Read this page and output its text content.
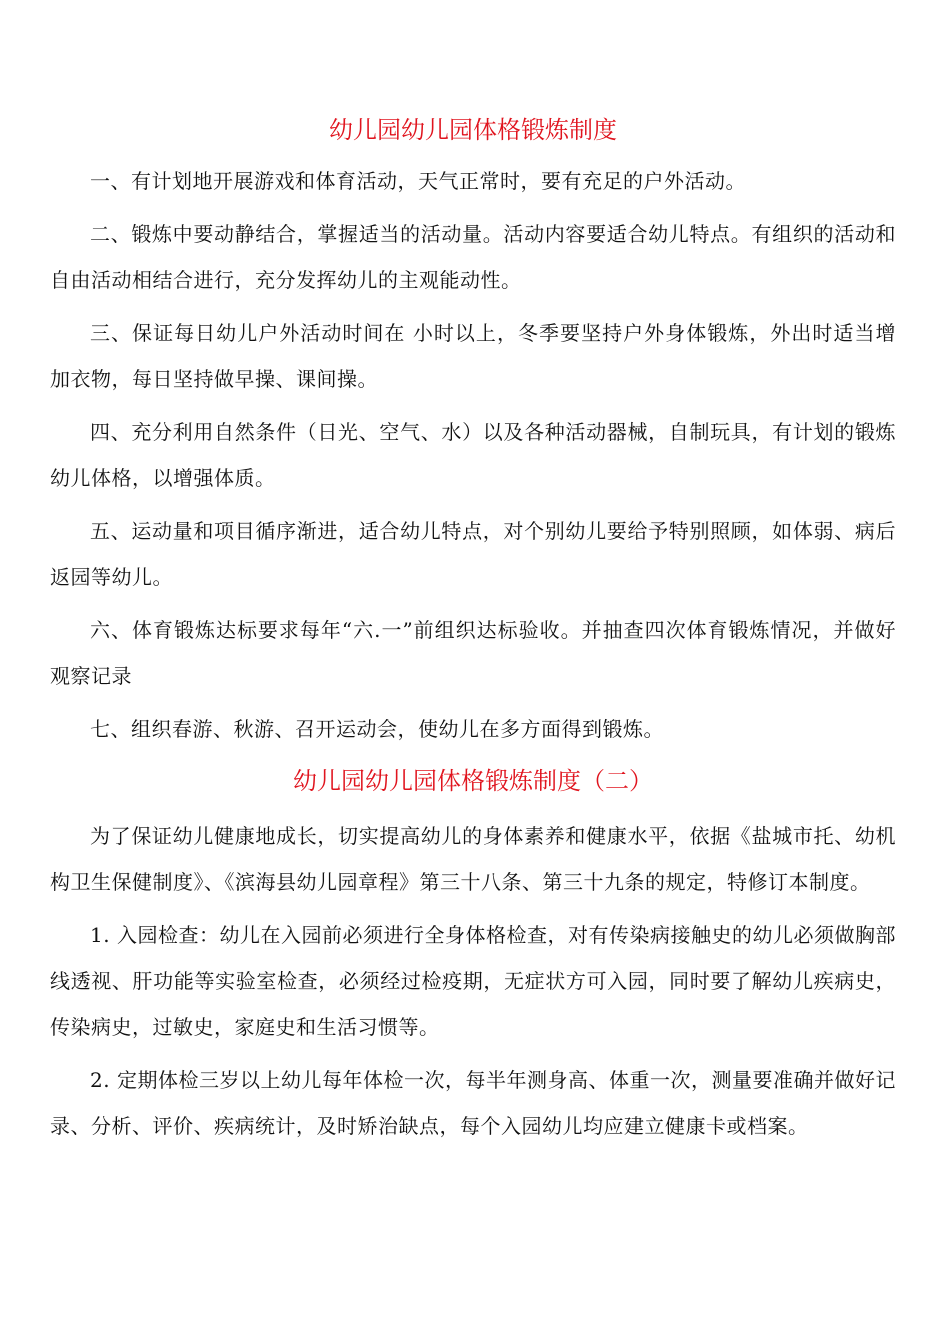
幼儿园幼儿园体格锻炼制度

一、有计划地开展游戏和体育活动，天气正常时，要有充足的户外活动。

二、锻炼中要动静结合，掌握适当的活动量。活动内容要适合幼儿特点。有组织的活动和自由活动相结合进行，充分发挥幼儿的主观能动性。

三、保证每日幼儿户外活动时间在 小时以上，冬季要坚持户外身体锻炼，外出时适当增加衣物，每日坚持做早操、课间操。

四、充分利用自然条件（日光、空气、水）以及各种活动器械，自制玩具，有计划的锻炼幼儿体格，以增强体质。

五、运动量和项目循序渐进，适合幼儿特点，对个别幼儿要给予特别照顾，如体弱、病后返园等幼儿。

六、体育锻炼达标要求每年“六.一”前组织达标验收。并抽查四次体育锻炼情况，并做好观察记录

七、组织春游、秋游、召开运动会，使幼儿在多方面得到锻炼。

幼儿园幼儿园体格锻炼制度（二）

为了保证幼儿健康地成长，切实提高幼儿的身体素养和健康水平，依据《盐城市托、幼机构卫生保健制度》、《滨海县幼儿园章程》第三十八条、第三十九条的规定，特修订本制度。

1. 入园检查：幼儿在入园前必须进行全身体格检查，对有传染病接触史的幼儿必须做胸部 线透视、肝功能等实验室检查，必须经过检疫期，无症状方可入园，同时要了解幼儿疾病史，传染病史，过敏史，家庭史和生活习惯等。

2. 定期体检三岁以上幼儿每年体检一次，每半年测身高、体重一次，测量要准确并做好记录、分析、评价、疾病统计，及时矫治缺点，每个入园幼儿均应建立健康卡或档案。
